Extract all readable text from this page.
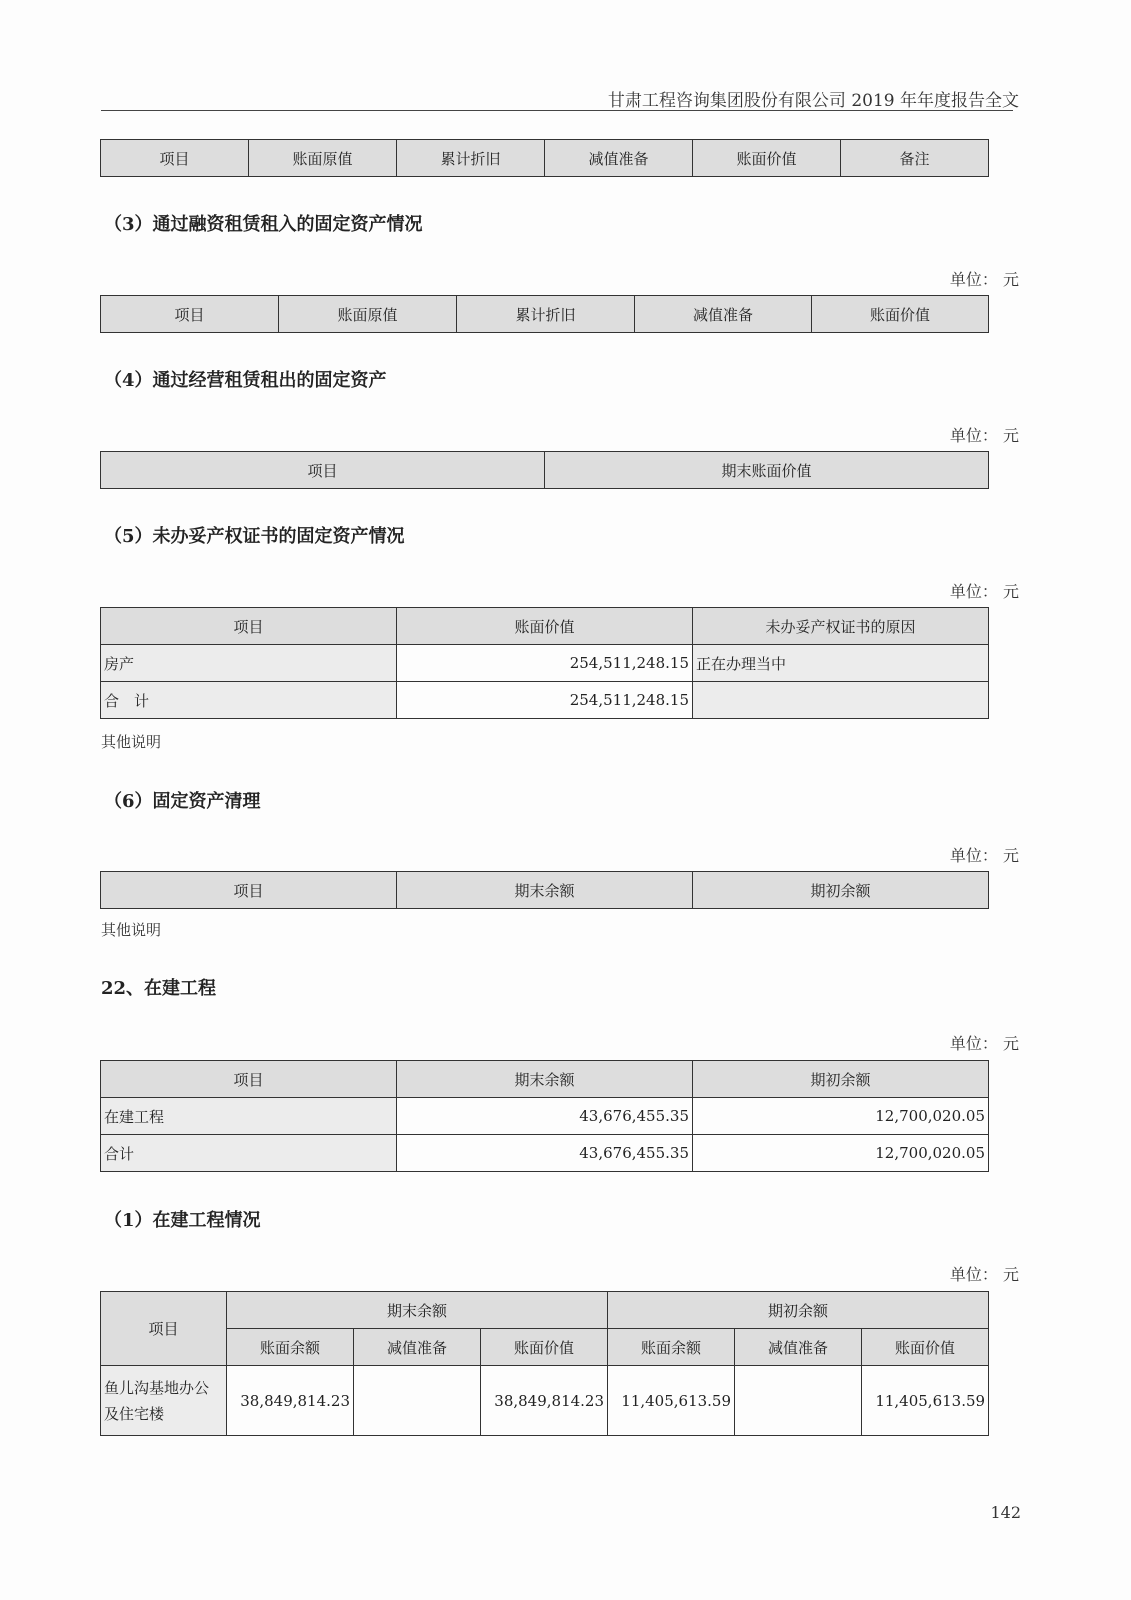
甘肃工程咨询集团股份有限公司 2019 年年度报告全文
项目	账面原值	累计折旧	减值准备	账面价值	备注
（3）通过融资租赁租入的固定资产情况
单位： 元
项目	账面原值	累计折旧	减值准备	账面价值
（4）通过经营租赁租出的固定资产
单位： 元
项目	期末账面价值
（5）未办妥产权证书的固定资产情况
单位： 元
项目	账面价值	未办妥产权证书的原因
房产	254,511,248.15	正在办理当中
合　计	254,511,248.15	
其他说明
（6）固定资产清理
单位： 元
项目	期末余额	期初余额
其他说明
22、在建工程
单位： 元
项目	期末余额	期初余额
在建工程	43,676,455.35	12,700,020.05
合计	43,676,455.35	12,700,020.05
（1）在建工程情况
单位： 元
项目	期末余额			期初余额		
	账面余额	减值准备	账面价值	账面余额	减值准备	账面价值

鱼儿沟基地办公
及住宅楼	38,849,814.23		38,849,814.23	11,405,613.59		11,405,613.59
142
